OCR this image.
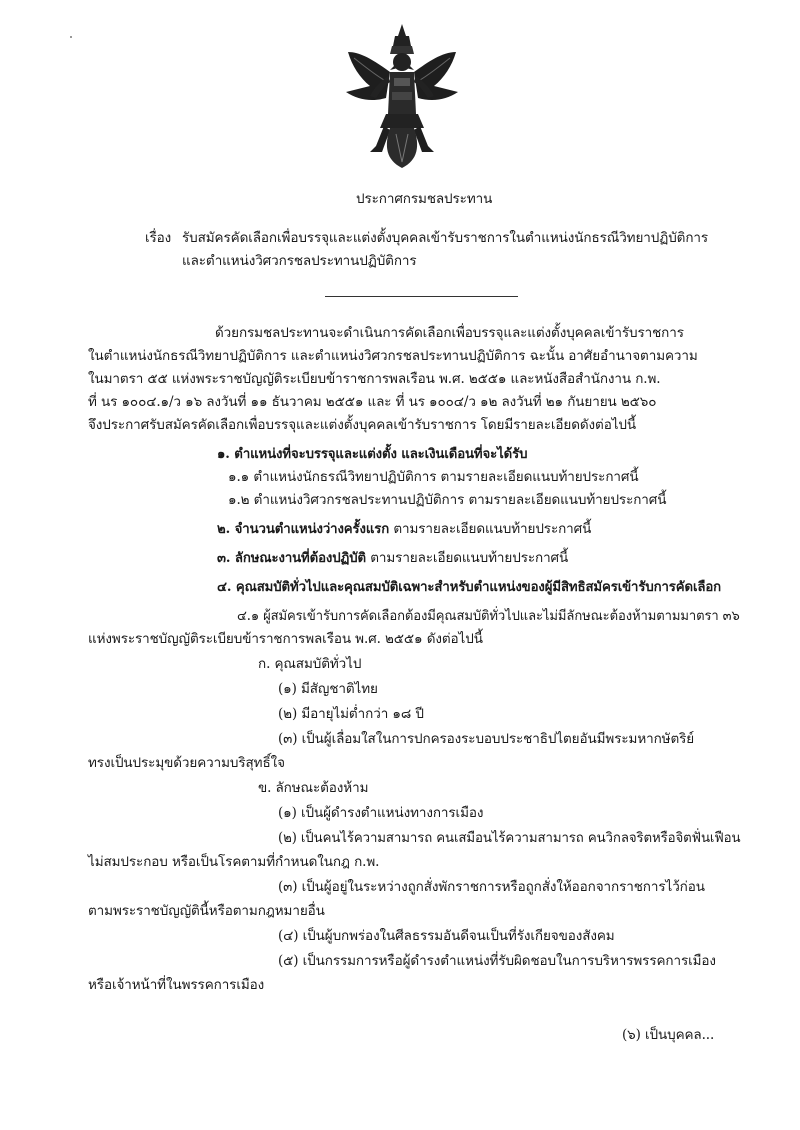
ประกาศกรมชลประทาน
เรื่อง รับสมัครคัดเลือกเพื่อบรรจุและแต่งตั้งบุคคลเข้ารับราชการในตำแหน่งนักธรณีวิทยาปฏิบัติการ
และตำแหน่งวิศวกรชลประทานปฏิบัติการ
ด้วยกรมชลประทานจะดำเนินการคัดเลือกเพื่อบรรจุและแต่งตั้งบุคคลเข้ารับราชการ
ในตำแหน่งนักธรณีวิทยาปฏิบัติการ และตำแหน่งวิศวกรชลประทานปฏิบัติการ ฉะนั้น อาศัยอำนาจตามความ
ในมาตรา ๕๕ แห่งพระราชบัญญัติระเบียบข้าราชการพลเรือน พ.ศ. ๒๕๕๑ และหนังสือสำนักงาน ก.พ.
ที่ นร ๑๐๐๔.๑/ว ๑๖ ลงวันที่ ๑๑ ธันวาคม ๒๕๕๑ และ ที่ นร ๑๐๐๔/ว ๑๒ ลงวันที่ ๒๑ กันยายน ๒๕๖๐
จึงประกาศรับสมัครคัดเลือกเพื่อบรรจุและแต่งตั้งบุคคลเข้ารับราชการ โดยมีรายละเอียดดังต่อไปนี้
๑. ตำแหน่งที่จะบรรจุและแต่งตั้ง และเงินเดือนที่จะได้รับ
๑.๑ ตำแหน่งนักธรณีวิทยาปฏิบัติการ ตามรายละเอียดแนบท้ายประกาศนี้
๑.๒ ตำแหน่งวิศวกรชลประทานปฏิบัติการ ตามรายละเอียดแนบท้ายประกาศนี้
๒. จำนวนตำแหน่งว่างครั้งแรก ตามรายละเอียดแนบท้ายประกาศนี้
๓. ลักษณะงานที่ต้องปฏิบัติ ตามรายละเอียดแนบท้ายประกาศนี้
๔. คุณสมบัติทั่วไปและคุณสมบัติเฉพาะสำหรับตำแหน่งของผู้มีสิทธิสมัครเข้ารับการคัดเลือก
๔.๑ ผู้สมัครเข้ารับการคัดเลือกต้องมีคุณสมบัติทั่วไปและไม่มีลักษณะต้องห้ามตามมาตรา ๓๖
แห่งพระราชบัญญัติระเบียบข้าราชการพลเรือน พ.ศ. ๒๕๕๑ ดังต่อไปนี้
ก. คุณสมบัติทั่วไป
(๑) มีสัญชาติไทย
(๒) มีอายุไม่ต่ำกว่า ๑๘ ปี
(๓) เป็นผู้เลื่อมใสในการปกครองระบอบประชาธิปไตยอันมีพระมหากษัตริย์
ทรงเป็นประมุขด้วยความบริสุทธิ์ใจ
ข. ลักษณะต้องห้าม
(๑) เป็นผู้ดำรงตำแหน่งทางการเมือง
(๒) เป็นคนไร้ความสามารถ คนเสมือนไร้ความสามารถ คนวิกลจริตหรือจิตฟั่นเฟือน
ไม่สมประกอบ หรือเป็นโรคตามที่กำหนดในกฎ ก.พ.
(๓) เป็นผู้อยู่ในระหว่างถูกสั่งพักราชการหรือถูกสั่งให้ออกจากราชการไว้ก่อน
ตามพระราชบัญญัตินี้หรือตามกฎหมายอื่น
(๔) เป็นผู้บกพร่องในศีลธรรมอันดีจนเป็นที่รังเกียจของสังคม
(๕) เป็นกรรมการหรือผู้ดำรงตำแหน่งที่รับผิดชอบในการบริหารพรรคการเมือง
หรือเจ้าหน้าที่ในพรรคการเมือง
(๖) เป็นบุคคล...
